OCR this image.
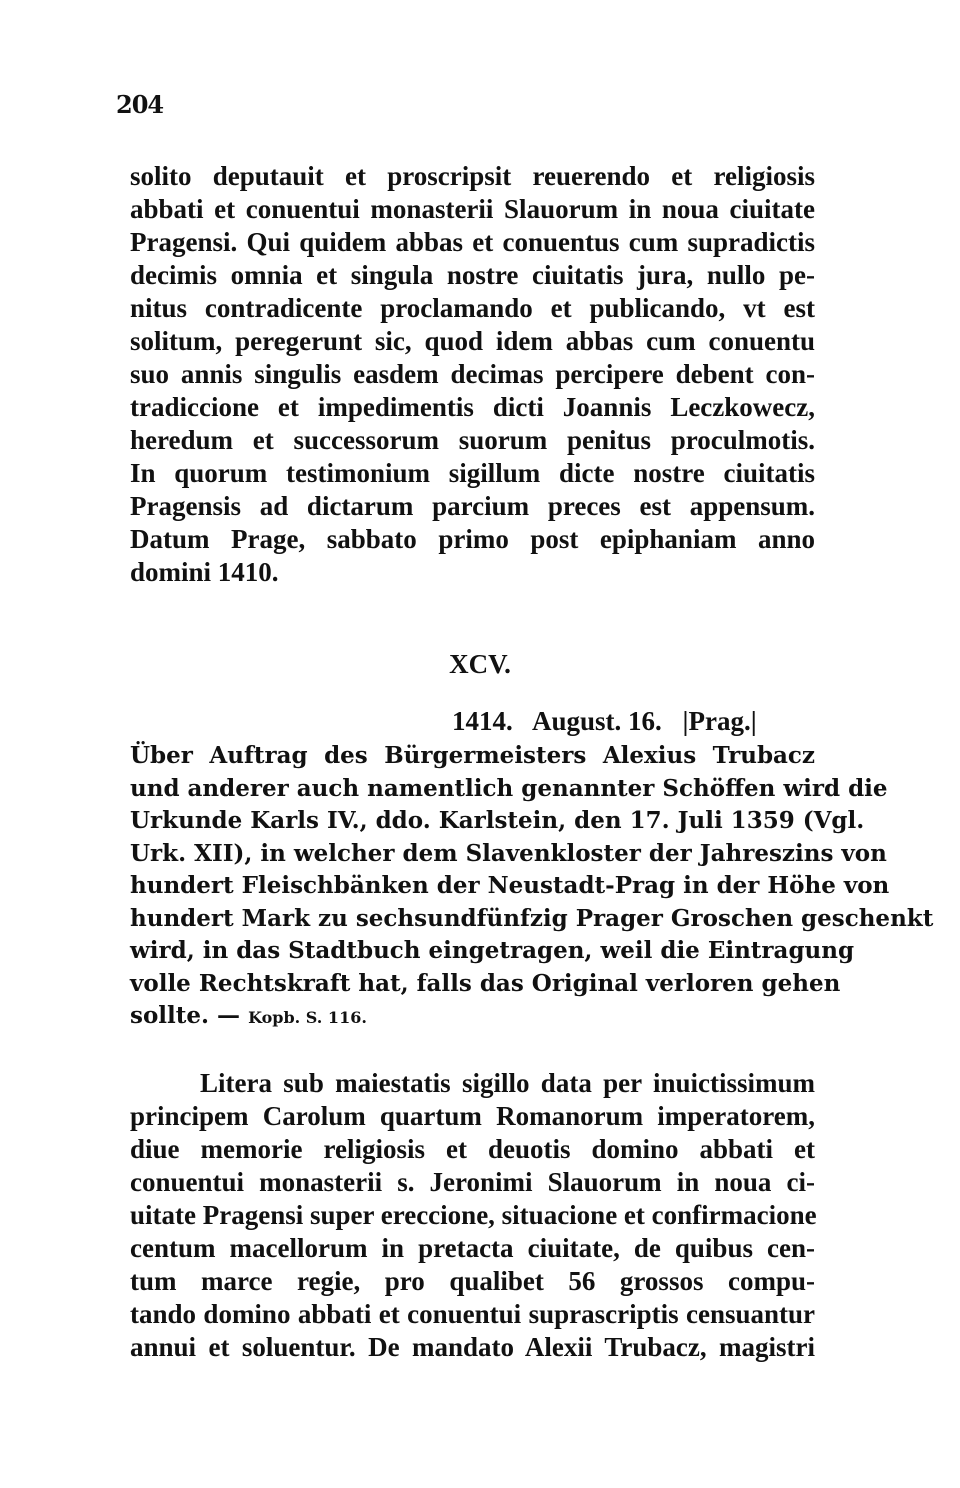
204
solito deputauit et proscripsit reuerendo et religiosis
abbati et conuentui monasterii Slauorum in noua ciuitate
Pragensi. Qui quidem abbas et conuentus cum supradictis
decimis omnia et singula nostre ciuitatis jura, nullo pe-
nitus contradicente proclamando et publicando, vt est
solitum, peregerunt sic, quod idem abbas cum conuentu
suo annis singulis easdem decimas percipere debent con-
tradiccione et impedimentis dicti Joannis Leczkowecz,
heredum et successorum suorum penitus proculmotis.
In quorum testimonium sigillum dicte nostre ciuitatis
Pragensis ad dictarum parcium preces est appensum.
Datum Prage, sabbato primo post epiphaniam anno
domini 1410.
XCV.
1414. August. 16. |Prag.|
Über Auftrag des Bürgermeisters Alexius Trubacz
und anderer auch namentlich genannter Schöffen wird die
Urkunde Karls IV., ddo. Karlstein, den 17. Juli 1359 (Vgl.
Urk. XII), in welcher dem Slavenkloster der Jahreszins von
hundert Fleischbänken der Neustadt-Prag in der Höhe von
hundert Mark zu sechsundfünfzig Prager Groschen geschenkt
wird, in das Stadtbuch eingetragen, weil die Eintragung
volle Rechtskraft hat, falls das Original verloren gehen
sollte. — Kopb. S. 116.
Litera sub maiestatis sigillo data per inuictissimum
principem Carolum quartum Romanorum imperatorem,
diue memorie religiosis et deuotis domino abbati et
conuentui monasterii s. Jeronimi Slauorum in noua ci-
uitate Pragensi super ereccione, situacione et confirmacione
centum macellorum in pretacta ciuitate, de quibus cen-
tum marce regie, pro qualibet 56 grossos compu-
tando domino abbati et conuentui suprascriptis censuantur
annui et soluentur. De mandato Alexii Trubacz, magistri
